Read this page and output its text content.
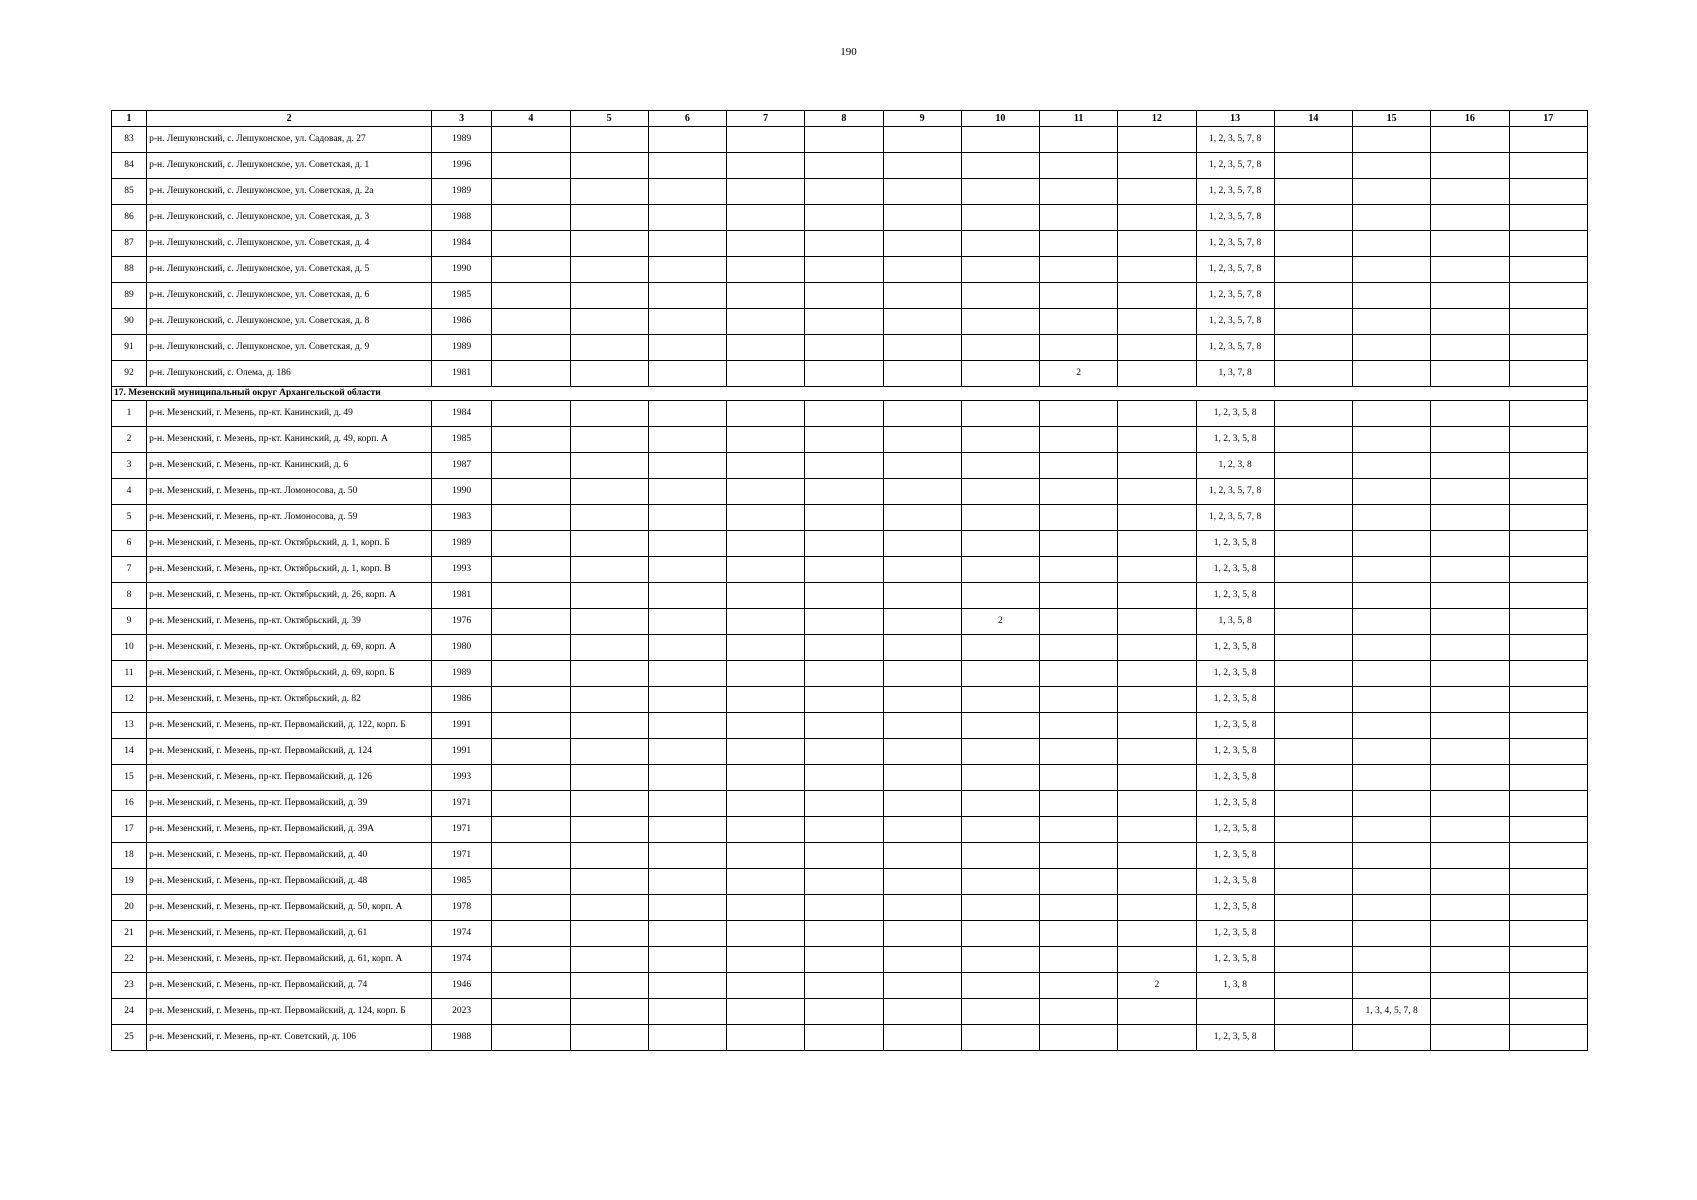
190
1	2	3	4	5	6	7	8	9	10	11	12	13	14	15	16	17
83	р-н. Лешуконский, с. Лешуконское, ул. Садовая, д. 27	1989										1, 2, 3, 5, 7, 8				
84	р-н. Лешуконский, с. Лешуконское, ул. Советская, д. 1	1996										1, 2, 3, 5, 7, 8				
85	р-н. Лешуконский, с. Лешуконское, ул. Советская, д. 2а	1989										1, 2, 3, 5, 7, 8				
86	р-н. Лешуконский, с. Лешуконское, ул. Советская, д. 3	1988										1, 2, 3, 5, 7, 8				
87	р-н. Лешуконский, с. Лешуконское, ул. Советская, д. 4	1984										1, 2, 3, 5, 7, 8				
88	р-н. Лешуконский, с. Лешуконское, ул. Советская, д. 5	1990										1, 2, 3, 5, 7, 8				
89	р-н. Лешуконский, с. Лешуконское, ул. Советская, д. 6	1985										1, 2, 3, 5, 7, 8				
90	р-н. Лешуконский, с. Лешуконское, ул. Советская, д. 8	1986										1, 2, 3, 5, 7, 8				
91	р-н. Лешуконский, с. Лешуконское, ул. Советская, д. 9	1989										1, 2, 3, 5, 7, 8				
92	р-н. Лешуконский, с. Олема, д. 186	1981								2		1, 3, 7, 8				
17. Мезенский муниципальный округ Архангельской области																
1	р-н. Мезенский, г. Мезень, пр-кт. Канинский, д. 49	1984										1, 2, 3, 5, 8				
2	р-н. Мезенский, г. Мезень, пр-кт. Канинский, д. 49, корп. А	1985										1, 2, 3, 5, 8				
3	р-н. Мезенский, г. Мезень, пр-кт. Канинский, д. 6	1987										1, 2, 3, 8				
4	р-н. Мезенский, г. Мезень, пр-кт. Ломоносова, д. 50	1990										1, 2, 3, 5, 7, 8				
5	р-н. Мезенский, г. Мезень, пр-кт. Ломоносова, д. 59	1983										1, 2, 3, 5, 7, 8				
6	р-н. Мезенский, г. Мезень, пр-кт. Октябрьский, д. 1, корп. Б	1989										1, 2, 3, 5, 8				
7	р-н. Мезенский, г. Мезень, пр-кт. Октябрьский, д. 1, корп. В	1993										1, 2, 3, 5, 8				
8	р-н. Мезенский, г. Мезень, пр-кт. Октябрьский, д. 26, корп. А	1981										1, 2, 3, 5, 8				
9	р-н. Мезенский, г. Мезень, пр-кт. Октябрьский, д. 39	1976							2			1, 3, 5, 8				
10	р-н. Мезенский, г. Мезень, пр-кт. Октябрьский, д. 69, корп. А	1980										1, 2, 3, 5, 8				
11	р-н. Мезенский, г. Мезень, пр-кт. Октябрьский, д. 69, корп. Б	1989										1, 2, 3, 5, 8				
12	р-н. Мезенский, г. Мезень, пр-кт. Октябрьский, д. 82	1986										1, 2, 3, 5, 8				
13	р-н. Мезенский, г. Мезень, пр-кт. Первомайский, д. 122, корп. Б	1991										1, 2, 3, 5, 8				
14	р-н. Мезенский, г. Мезень, пр-кт. Первомайский, д. 124	1991										1, 2, 3, 5, 8				
15	р-н. Мезенский, г. Мезень, пр-кт. Первомайский, д. 126	1993										1, 2, 3, 5, 8				
16	р-н. Мезенский, г. Мезень, пр-кт. Первомайский, д. 39	1971										1, 2, 3, 5, 8				
17	р-н. Мезенский, г. Мезень, пр-кт. Первомайский, д. 39А	1971										1, 2, 3, 5, 8				
18	р-н. Мезенский, г. Мезень, пр-кт. Первомайский, д. 40	1971										1, 2, 3, 5, 8				
19	р-н. Мезенский, г. Мезень, пр-кт. Первомайский, д. 48	1985										1, 2, 3, 5, 8				
20	р-н. Мезенский, г. Мезень, пр-кт. Первомайский, д. 50, корп. А	1978										1, 2, 3, 5, 8				
21	р-н. Мезенский, г. Мезень, пр-кт. Первомайский, д. 61	1974										1, 2, 3, 5, 8				
22	р-н. Мезенский, г. Мезень, пр-кт. Первомайский, д. 61, корп. А	1974										1, 2, 3, 5, 8				
23	р-н. Мезенский, г. Мезень, пр-кт. Первомайский, д. 74	1946									2	1, 3, 8				
24	р-н. Мезенский, г. Мезень, пр-кт. Первомайский, д. 124, корп. Б	2023												1, 3, 4, 5, 7, 8		
25	р-н. Мезенский, г. Мезень, пр-кт. Советский, д. 106	1988										1, 2, 3, 5, 8				
